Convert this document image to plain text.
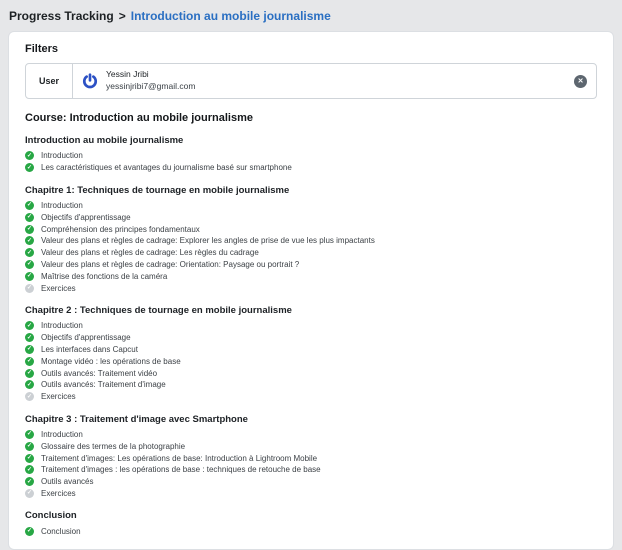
Progress Tracking > Introduction au mobile journalisme
Filters
User
Yessin Jribi
yessinjribi7@gmail.com	✕
Course: Introduction au mobile journalisme
Introduction au mobile journalisme
✓ Introduction
✓ Les caractéristiques et avantages du journalisme basé sur smartphone
Chapitre 1: Techniques de tournage en mobile journalisme
✓ Introduction
✓ Objectifs d'apprentissage
✓ Compréhension des principes fondamentaux
✓ Valeur des plans et règles de cadrage: Explorer les angles de prise de vue les plus impactants
✓ Valeur des plans et règles de cadrage: Les règles du cadrage
✓ Valeur des plans et règles de cadrage: Orientation: Paysage ou portrait ?
✓ Maîtrise des fonctions de la caméra
✓ Exercices
Chapitre 2 : Techniques de tournage en mobile journalisme
✓ Introduction
✓ Objectifs d'apprentissage
✓ Les interfaces dans Capcut
✓ Montage vidéo : les opérations de base
✓ Outils avancés: Traitement vidéo
✓ Outils avancés: Traitement d'image
✓ Exercices
Chapitre 3 : Traitement d'image avec Smartphone
✓ Introduction
✓ Glossaire des termes de la photographie
✓ Traitement d'images: Les opérations de base: Introduction à Lightroom Mobile
✓ Traitement d'images : les opérations de base : techniques de retouche de base
✓ Outils avancés
✓ Exercices
Conclusion
✓ Conclusion
